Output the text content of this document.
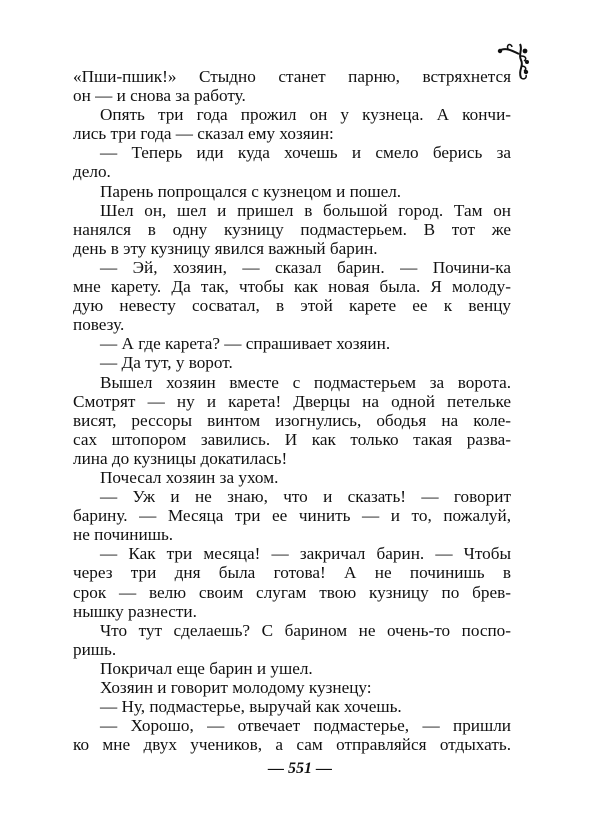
«Пши-пшик!» Стыдно станет парню, встряхнется
он — и снова за работу.

Опять три года прожил он у кузнеца. А кончи-
лись три года — сказал ему хозяин:

— Теперь иди куда хочешь и смело берись за
дело.

Парень попрощался с кузнецом и пошел.

Шел он, шел и пришел в большой город. Там он
нанялся в одну кузницу подмастерьем. В тот же
день в эту кузницу явился важный барин.

— Эй, хозяин, — сказал барин. — Почини-ка
мне карету. Да так, чтобы как новая была. Я молоду-
дую невесту сосватал, в этой карете ее к венцу
повезу.

— А где карета? — спрашивает хозяин.

— Да тут, у ворот.

Вышел хозяин вместе с подмастерьем за ворота.
Смотрят — ну и карета! Дверцы на одной петельке
висят, рессоры винтом изогнулись, ободья на коле-
сах штопором завились. И как только такая разва-
лина до кузницы докатилась!

Почесал хозяин за ухом.

— Уж и не знаю, что и сказать! — говорит
барину. — Месяца три ее чинить — и то, пожалуй,
не починишь.

— Как три месяца! — закричал барин. — Чтобы
через три дня была готова! А не починишь в
срок — велю своим слугам твою кузницу по брев-
нышку разнести.

Что тут сделаешь? С барином не очень-то поспо-
ришь.

Покричал еще барин и ушел.

Хозяин и говорит молодому кузнецу:

— Ну, подмастерье, выручай как хочешь.

— Хорошо, — отвечает подмастерье, — пришли
ко мне двух учеников, а сам отправляйся отдыхать.

— 551 —
